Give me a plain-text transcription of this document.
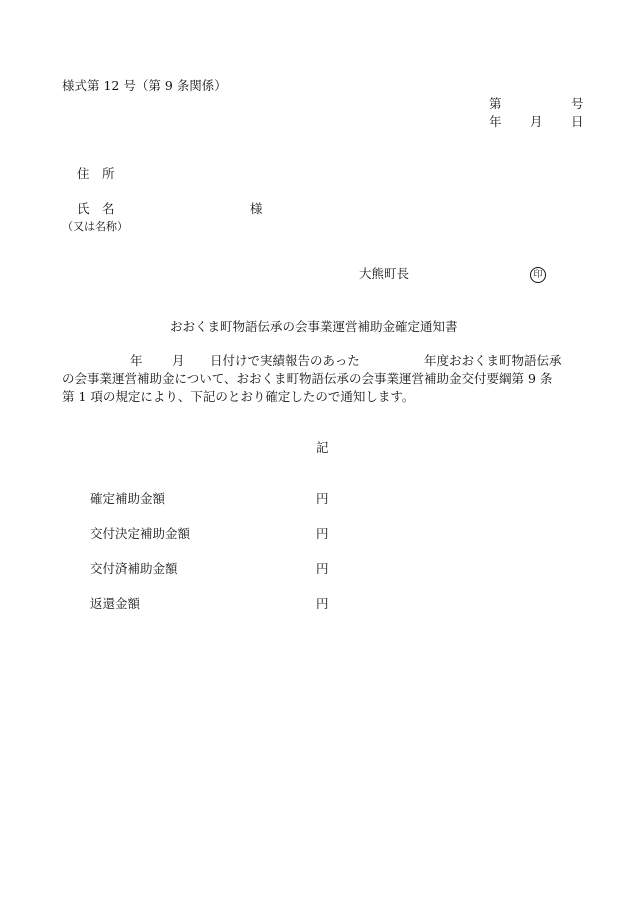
様式第 12 号（第 9 条関係）
第	号
年 月 日
住　所
氏　名	様
（又は名称）
大熊町長	印
おおくま町物語伝承の会事業運営補助金確定通知書
年 月 日付けで実績報告のあった	年度おおくま町物語伝承
の会事業運営補助金について、おおくま町物語伝承の会事業運営補助金交付要綱第 9 条
第 1 項の規定により、下記のとおり確定したので通知します。
記
確定補助金額	円
交付決定補助金額	円
交付済補助金額	円
返還金額	円
